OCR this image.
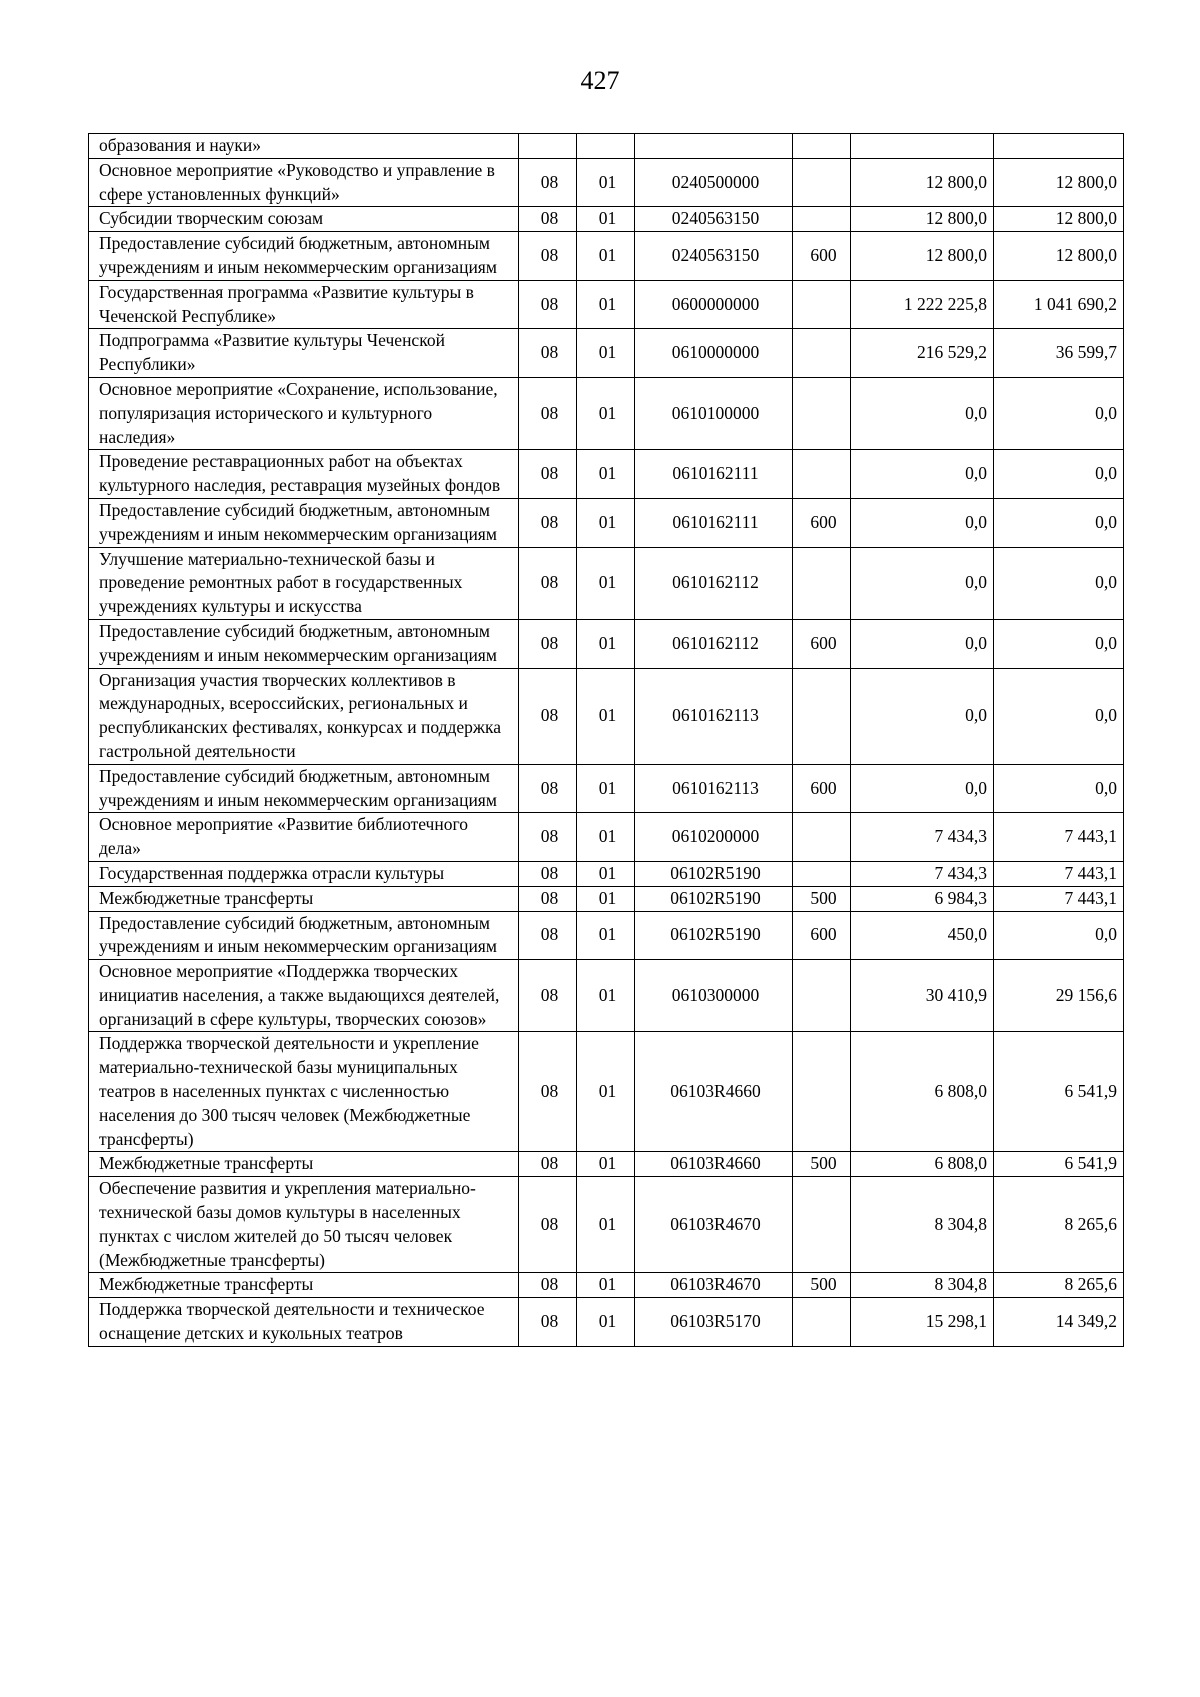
427
образования и науки»						
Основное мероприятие «Руководство и управление в сфере установленных функций»	08	01	0240500000		12 800,0	12 800,0
Субсидии творческим союзам	08	01	0240563150		12 800,0	12 800,0
Предоставление субсидий бюджетным, автономным учреждениям и иным некоммерческим организациям	08	01	0240563150	600	12 800,0	12 800,0
Государственная программа «Развитие культуры в Чеченской Республике»	08	01	0600000000		1 222 225,8	1 041 690,2
Подпрограмма «Развитие культуры Чеченской Республики»	08	01	0610000000		216 529,2	36 599,7
Основное мероприятие «Сохранение, использование, популяризация исторического и культурного наследия»	08	01	0610100000		0,0	0,0
Проведение реставрационных работ на объектах культурного наследия, реставрация музейных фондов	08	01	0610162111		0,0	0,0
Предоставление субсидий бюджетным, автономным учреждениям и иным некоммерческим организациям	08	01	0610162111	600	0,0	0,0
Улучшение материально-технической базы и проведение ремонтных работ в государственных учреждениях культуры и искусства	08	01	0610162112		0,0	0,0
Предоставление субсидий бюджетным, автономным учреждениям и иным некоммерческим организациям	08	01	0610162112	600	0,0	0,0
Организация участия творческих коллективов в международных, всероссийских, региональных и республиканских фестивалях, конкурсах и поддержка гастрольной деятельности	08	01	0610162113		0,0	0,0
Предоставление субсидий бюджетным, автономным учреждениям и иным некоммерческим организациям	08	01	0610162113	600	0,0	0,0
Основное мероприятие «Развитие библиотечного дела»	08	01	0610200000		7 434,3	7 443,1
Государственная поддержка отрасли культуры	08	01	06102R5190		7 434,3	7 443,1
Межбюджетные трансферты	08	01	06102R5190	500	6 984,3	7 443,1
Предоставление субсидий бюджетным, автономным учреждениям и иным некоммерческим организациям	08	01	06102R5190	600	450,0	0,0
Основное мероприятие «Поддержка творческих инициатив населения, а также выдающихся деятелей, организаций в сфере культуры, творческих союзов»	08	01	0610300000		30 410,9	29 156,6
Поддержка творческой деятельности и укрепление материально-технической базы муниципальных театров в населенных пунктах с численностью населения до 300 тысяч человек (Межбюджетные трансферты)	08	01	06103R4660		6 808,0	6 541,9
Межбюджетные трансферты	08	01	06103R4660	500	6 808,0	6 541,9
Обеспечение развития и укрепления материально-технической базы домов культуры в населенных пунктах с числом жителей до 50 тысяч человек (Межбюджетные трансферты)	08	01	06103R4670		8 304,8	8 265,6
Межбюджетные трансферты	08	01	06103R4670	500	8 304,8	8 265,6
Поддержка творческой деятельности и техническое оснащение детских и кукольных театров	08	01	06103R5170		15 298,1	14 349,2
